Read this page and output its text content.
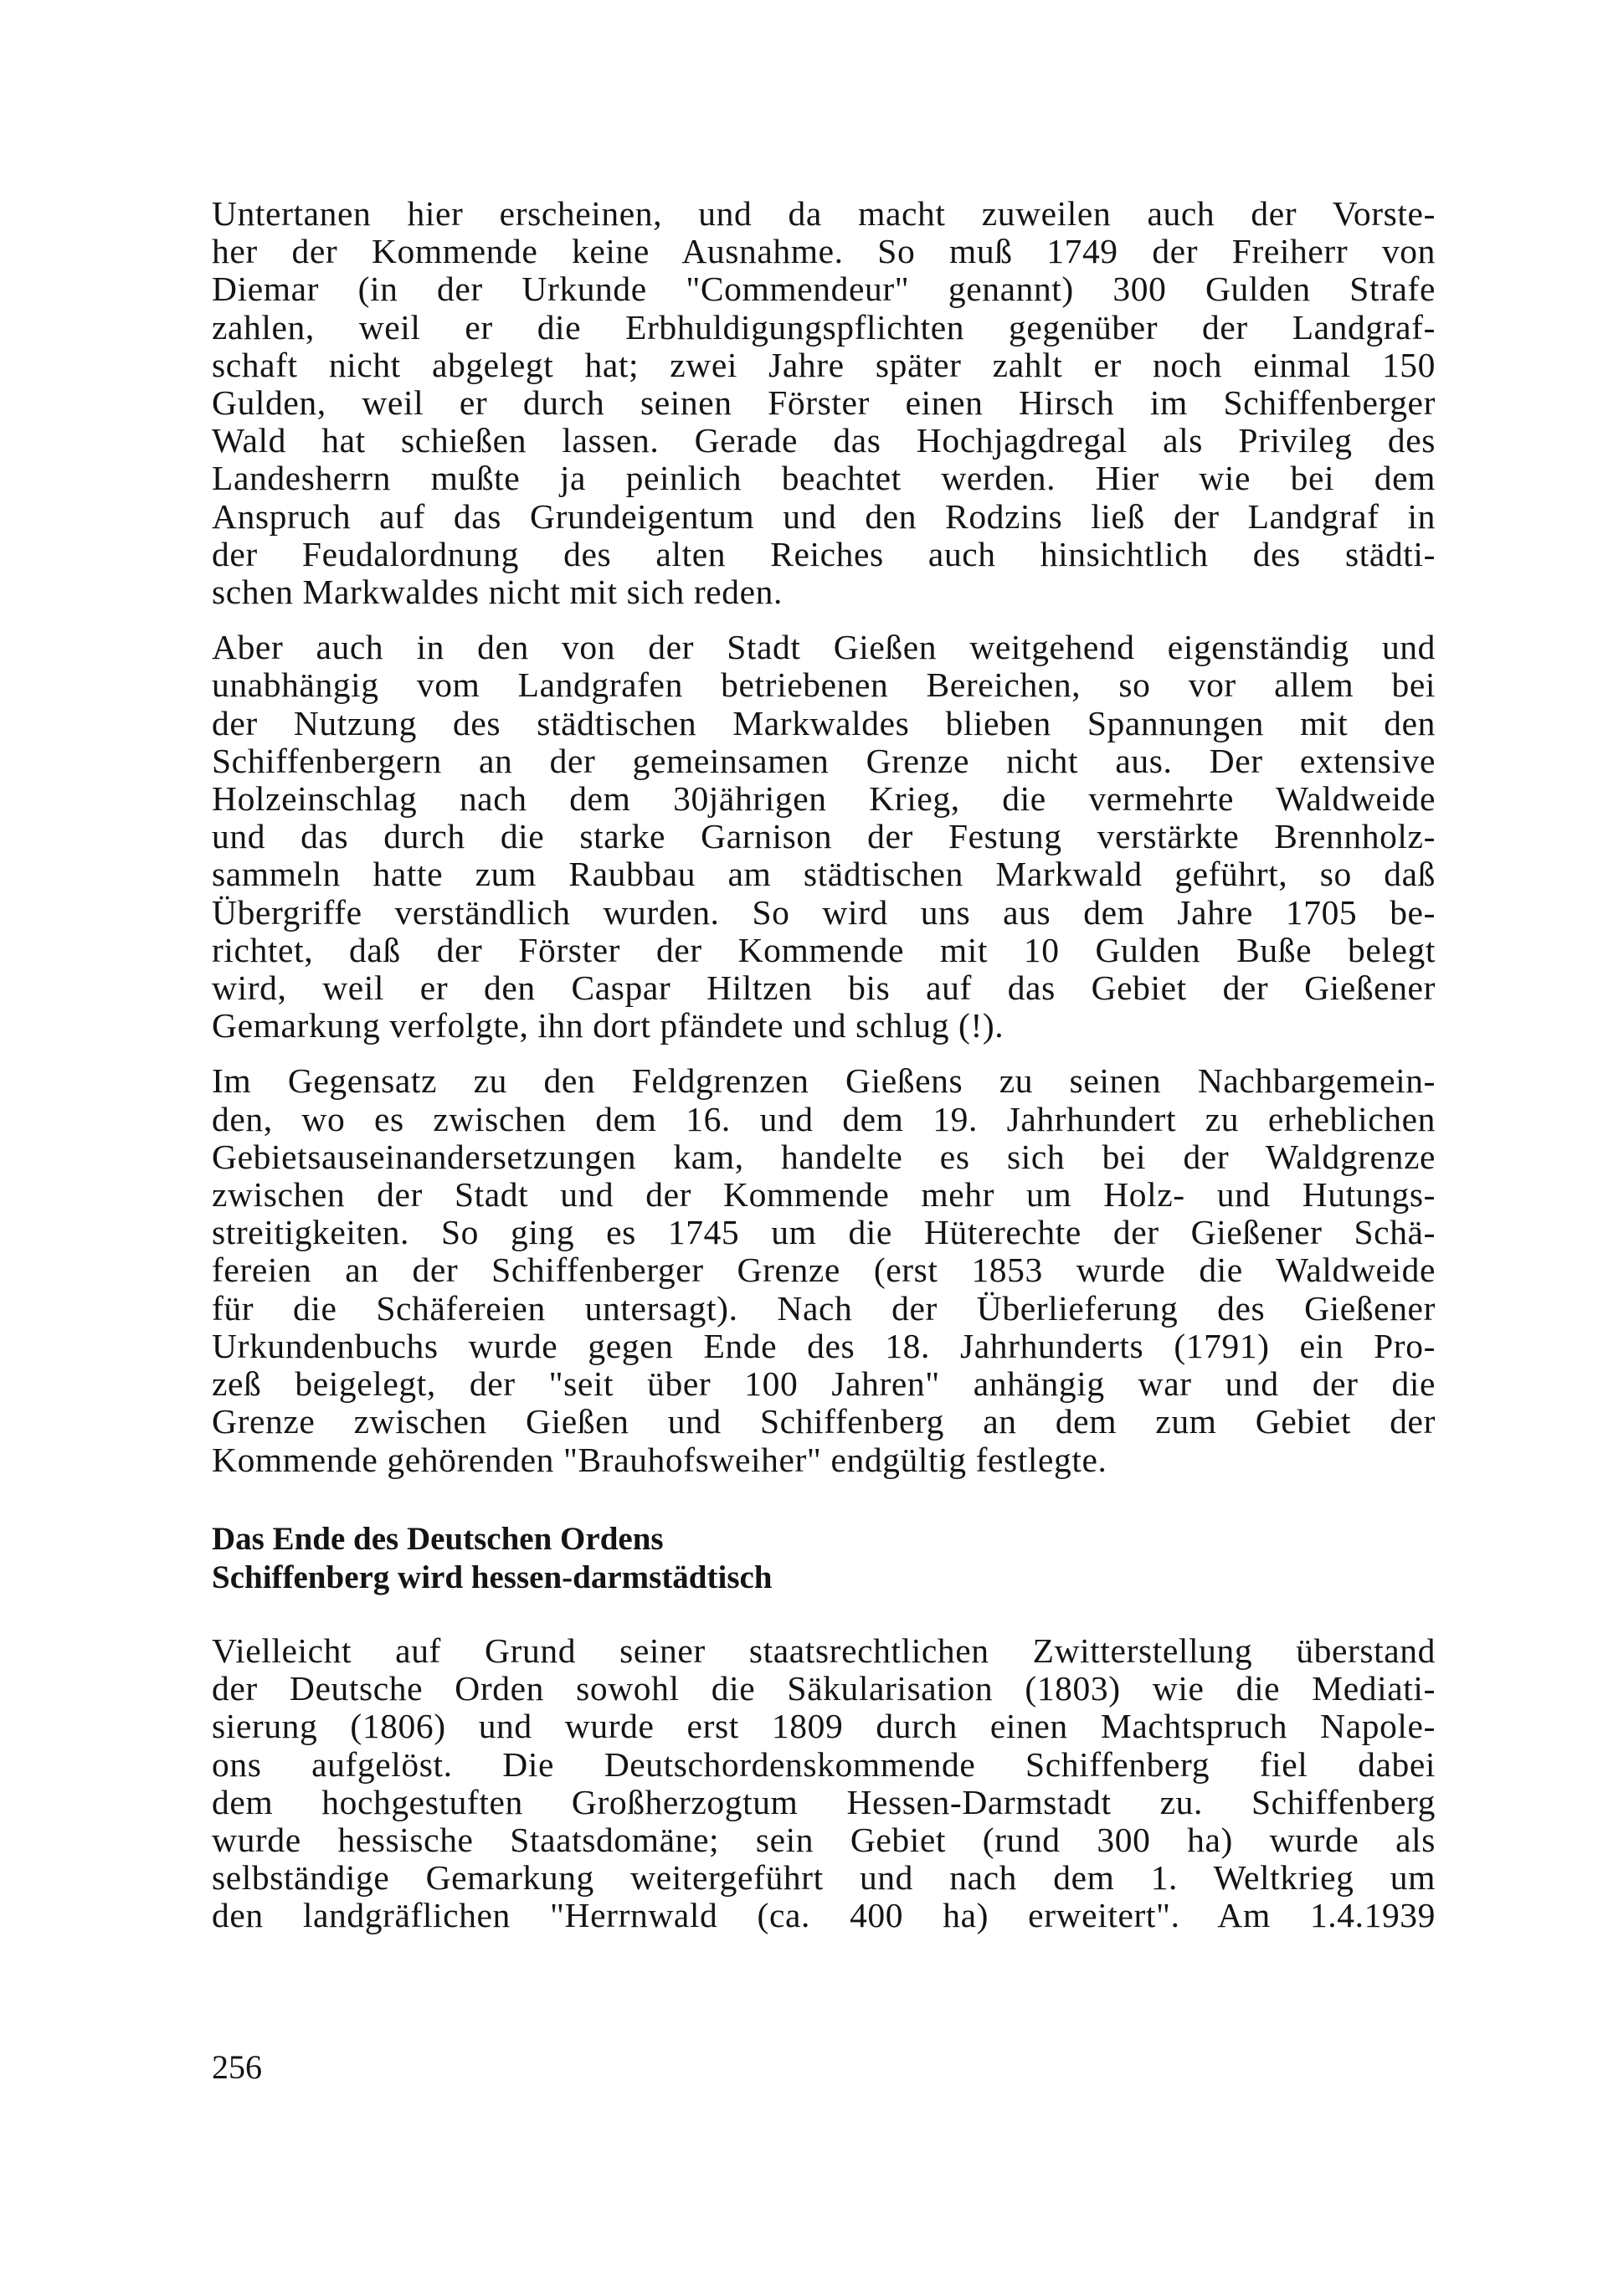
Untertanen hier erscheinen, und da macht zuweilen auch der Vorste-
her der Kommende keine Ausnahme. So muß 1749 der Freiherr von
Diemar (in der Urkunde "Commendeur" genannt) 300 Gulden Strafe
zahlen, weil er die Erbhuldigungspflichten gegenüber der Landgraf-
schaft nicht abgelegt hat; zwei Jahre später zahlt er noch einmal 150
Gulden, weil er durch seinen Förster einen Hirsch im Schiffenberger
Wald hat schießen lassen. Gerade das Hochjagdregal als Privileg des
Landesherrn mußte ja peinlich beachtet werden. Hier wie bei dem
Anspruch auf das Grundeigentum und den Rodzins ließ der Landgraf in
der Feudalordnung des alten Reiches auch hinsichtlich des städti-
schen Markwaldes nicht mit sich reden.
Aber auch in den von der Stadt Gießen weitgehend eigenständig und
unabhängig vom Landgrafen betriebenen Bereichen, so vor allem bei
der Nutzung des städtischen Markwaldes blieben Spannungen mit den
Schiffenbergern an der gemeinsamen Grenze nicht aus. Der extensive
Holzeinschlag nach dem 30jährigen Krieg, die vermehrte Waldweide
und das durch die starke Garnison der Festung verstärkte Brennholz-
sammeln hatte zum Raubbau am städtischen Markwald geführt, so daß
Übergriffe verständlich wurden. So wird uns aus dem Jahre 1705 be-
richtet, daß der Förster der Kommende mit 10 Gulden Buße belegt
wird, weil er den Caspar Hiltzen bis auf das Gebiet der Gießener
Gemarkung verfolgte, ihn dort pfändete und schlug (!).
Im Gegensatz zu den Feldgrenzen Gießens zu seinen Nachbargemein-
den, wo es zwischen dem 16. und dem 19. Jahrhundert zu erheblichen
Gebietsauseinandersetzungen kam, handelte es sich bei der Waldgrenze
zwischen der Stadt und der Kommende mehr um Holz- und Hutungs-
streitigkeiten. So ging es 1745 um die Hüterechte der Gießener Schä-
fereien an der Schiffenberger Grenze (erst 1853 wurde die Waldweide
für die Schäfereien untersagt). Nach der Überlieferung des Gießener
Urkundenbuchs wurde gegen Ende des 18. Jahrhunderts (1791) ein Pro-
zeß beigelegt, der "seit über 100 Jahren" anhängig war und der die
Grenze zwischen Gießen und Schiffenberg an dem zum Gebiet der
Kommende gehörenden "Brauhofsweiher" endgültig festlegte.
Das Ende des Deutschen Ordens
Schiffenberg wird hessen-darmstädtisch
Vielleicht auf Grund seiner staatsrechtlichen Zwitterstellung überstand
der Deutsche Orden sowohl die Säkularisation (1803) wie die Mediati-
sierung (1806) und wurde erst 1809 durch einen Machtspruch Napole-
ons aufgelöst. Die Deutschordenskommende Schiffenberg fiel dabei
dem hochgestuften Großherzogtum Hessen-Darmstadt zu. Schiffenberg
wurde hessische Staatsdomäne; sein Gebiet (rund 300 ha) wurde als
selbständige Gemarkung weitergeführt und nach dem 1. Weltkrieg um
den landgräflichen "Herrnwald (ca. 400 ha) erweitert". Am 1.4.1939
256
